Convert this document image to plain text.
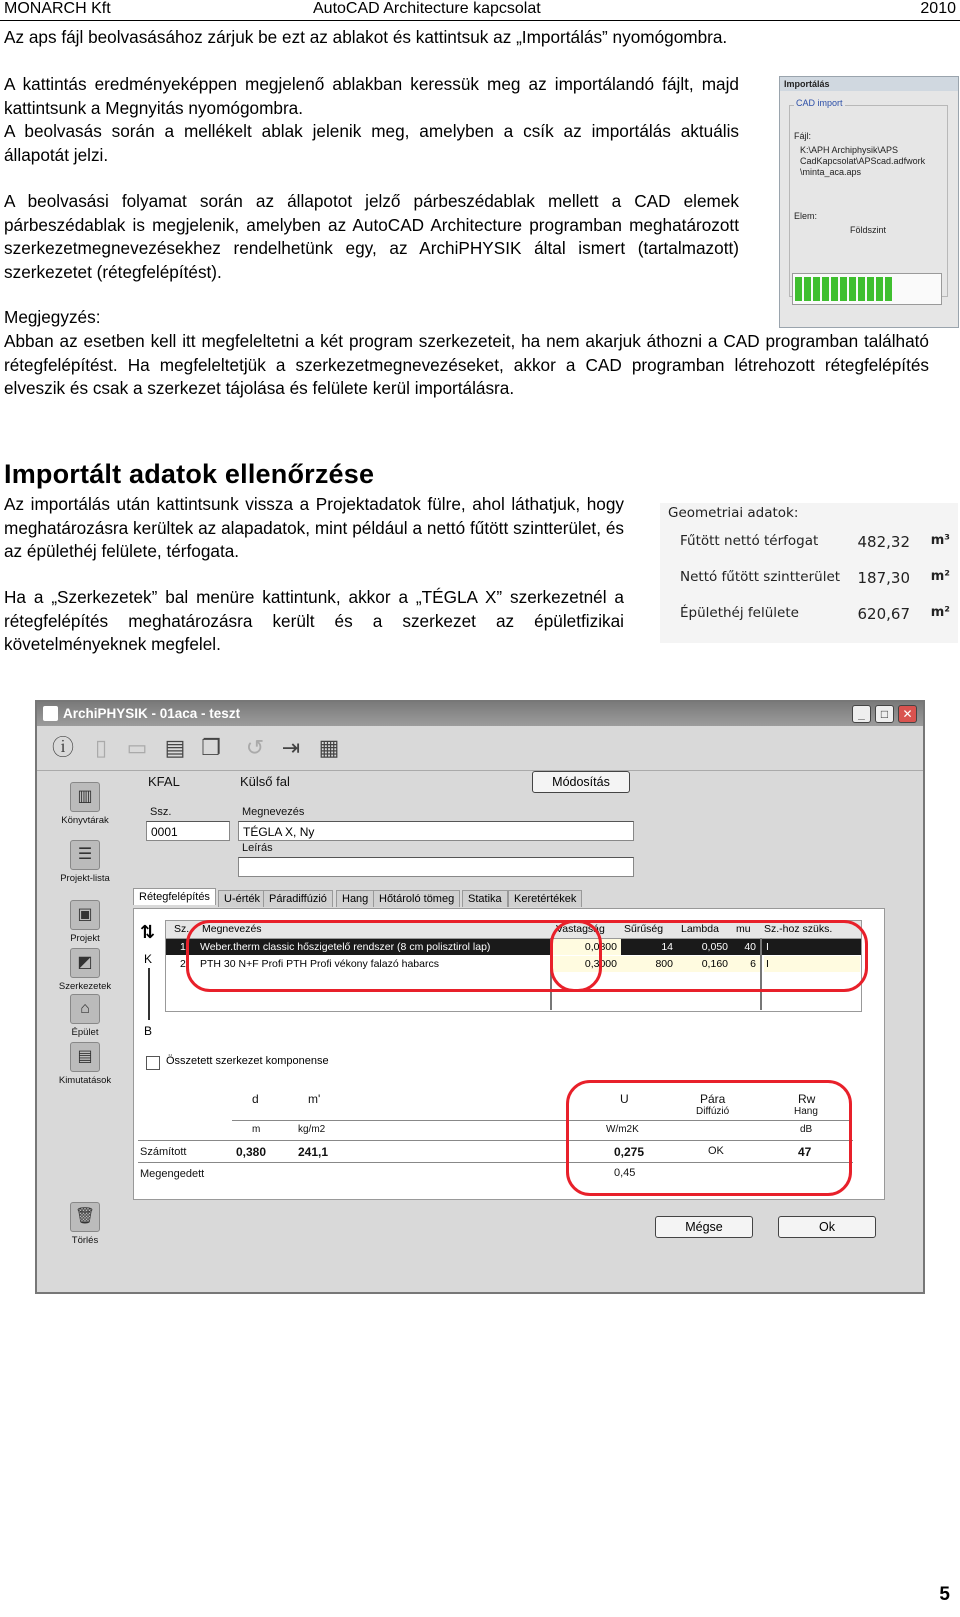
MONARCH Kft	AutoCAD Architecture kapcsolat	2010

Az aps fájl beolvasásához zárjuk be ezt az ablakot és kattintsuk az „Importálás” nyomógombra.

A kattintás eredményeképpen megjelenő ablakban keressük meg az importálandó fájlt, majd kattintsunk a Megnyitás nyomógombra.

A beolvasás során a mellékelt ablak jelenik meg, amelyben a csík az importálás aktuális állapotát jelzi.

A beolvasási folyamat során az állapotot jelző párbeszédablak mellett a CAD elemek párbeszédablak is megjelenik, amelyben az AutoCAD Architecture programban meghatározott szerkezetmegnevezésekhez rendelhetünk egy, az ArchiPHYSIK által ismert (tartalmazott) szerkezetet (rétegfelépítést).

Importálás
CAD import
Fájl:
K:\APH Archiphysik\APS
CadKapcsolat\APScad.adfwork
\minta_aca.aps
Elem:
Földszint

Megjegyzés:

Abban az esetben kell itt megfeleltetni a két program szerkezeteit, ha nem akarjuk áthozni a CAD programban található rétegfelépítést. Ha megfeleltetjük a szerkezetmegnevezéseket, akkor a CAD programban létrehozott rétegfelépítés elveszik és csak a szerkezet tájolása és felülete kerül importálásra.

Importált adatok ellenőrzése

Az importálás után kattintsunk vissza a Projektadatok fülre, ahol láthatjuk, hogy meghatározásra kerültek az alapadatok, mint például a nettó fűtött szintterület, és az épülethéj felülete, térfogata.

Ha a „Szerkezetek” bal menüre kattintunk, akkor a „TÉGLA X” szerkezetnél a rétegfelépítés meghatározásra került és a szerkezet az épületfizikai követelményeknek megfelel.

Geometriai adatok:
Fűtött nettó térfogat	482,32 m³
Nettó fűtött szintterület 187,30 m²
Épülethéj felülete	620,67 m²
ArchiPHYSIK - 01aca - teszt	_	□	✕
ⓘ ▯ ▭ ▤ ❐ ↺ ⇥ ▦
▥
Könyvtárak
☰
Projekt-lista
▣
Projekt
◩
Szerkezetek
⌂
Épület
▤
Kimutatások
🗑
Törlés
KFAL	Külső fal	Módosítás
Ssz.
0001
Megnevezés
TÉGLA X, Ny
Leírás
Rétegfelépítés	U-érték Páradiffúzió	Hang Hőtároló tömeg	Statika	Keretértékek
⇅
K
B
Sz. Megnevezés	Vastagság Sűrűség Lambda mu Sz.-hoz szüks.
1 Weber.therm classic hőszigetelő rendszer (8 cm polisztirol lap)	0,0800	14	0,050	40 I
2 PTH 30 N+F Profi PTH Profi vékony falazó habarcs	0,3000	800	0,160	6 I
Összetett szerkezet komponense
d	m'	U	Pára
Diffúzió
Rw
Hang
m	kg/m2	W/m2K	dB
Számított	0,380	241,1	0,275	OK	47
Megengedett	0,45
Mégse	Ok
5
